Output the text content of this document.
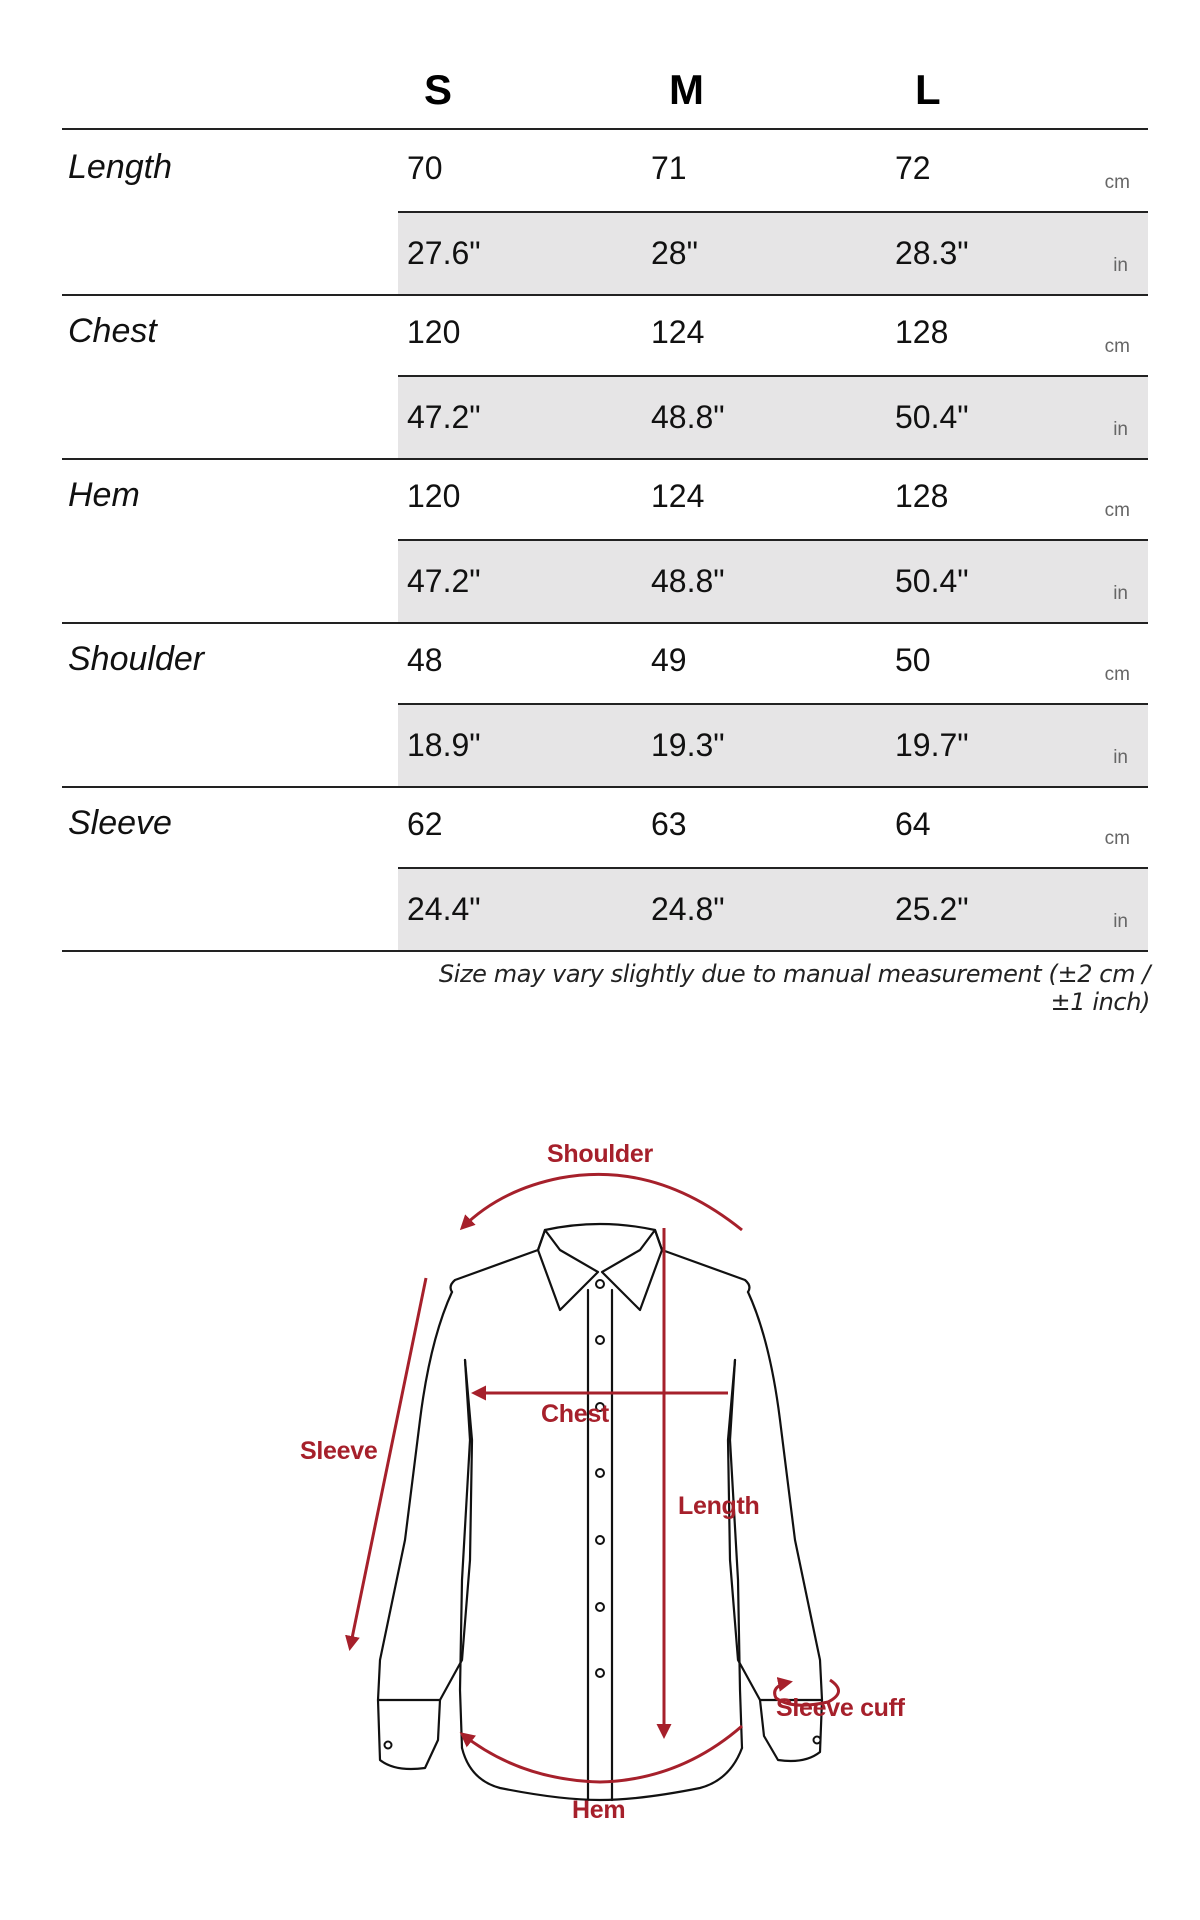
S	M	L
Length	70	71	72	cm
27.6"	28"	28.3"	in
Chest	120	124	128	cm
47.2"	48.8"	50.4"	in
Hem	120	124	128	cm
47.2"	48.8"	50.4"	in
Shoulder	48	49	50	cm
18.9"	19.3"	19.7"	in
Sleeve	62	63	64	cm
24.4"	24.8"	25.2"	in
Size may vary slightly due to manual measurement (±2 cm / ±1 inch)
Shoulder
Chest
Sleeve
Length
Sleeve cuff
Hem
